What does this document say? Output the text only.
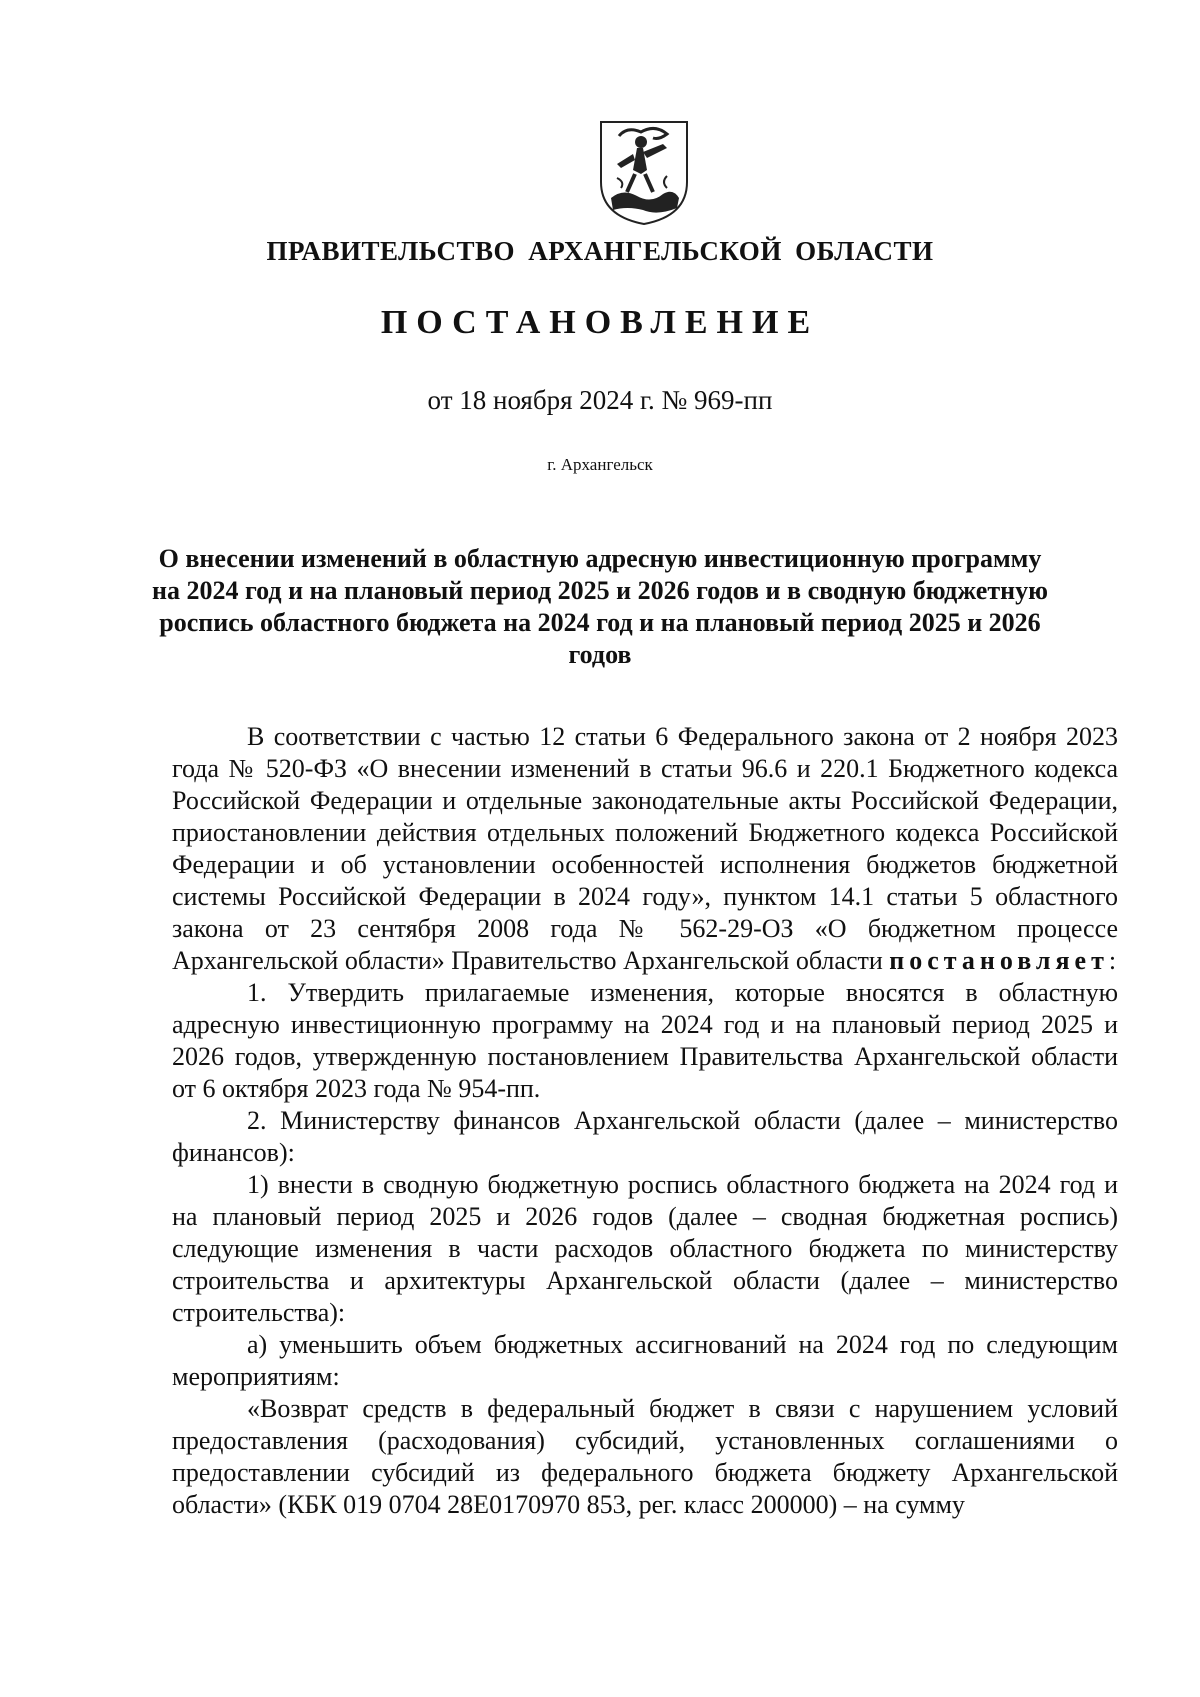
ПРАВИТЕЛЬСТВО АРХАНГЕЛЬСКОЙ ОБЛАСТИ
ПОСТАНОВЛЕНИЕ
от 18 ноября 2024 г. № 969-пп
г. Архангельск
О внесении изменений в областную адресную инвестиционную программу на 2024 год и на плановый период 2025 и 2026 годов и в сводную бюджетную роспись областного бюджета на 2024 год и на плановый период 2025 и 2026 годов

В соответствии с частью 12 статьи 6 Федерального закона от 2 ноября 2023 года № 520-ФЗ «О внесении изменений в статьи 96.6 и 220.1 Бюджетного кодекса Российской Федерации и отдельные законодательные акты Российской Федерации, приостановлении действия отдельных положений Бюджетного кодекса Российской Федерации и об установлении особенностей исполнения бюджетов бюджетной системы Российской Федерации в 2024 году», пунктом 14.1 статьи 5 областного закона от 23 сентября 2008 года № 562-29-ОЗ «О бюджетном процессе Архангельской области» Правительство Архангельской области постановляет:

1. Утвердить прилагаемые изменения, которые вносятся в областную адресную инвестиционную программу на 2024 год и на плановый период 2025 и 2026 годов, утвержденную постановлением Правительства Архангельской области от 6 октября 2023 года № 954-пп.

2. Министерству финансов Архангельской области (далее – министерство финансов):

1) внести в сводную бюджетную роспись областного бюджета на 2024 год и на плановый период 2025 и 2026 годов (далее – сводная бюджетная роспись) следующие изменения в части расходов областного бюджета по министерству строительства и архитектуры Архангельской области (далее – министерство строительства):

а) уменьшить объем бюджетных ассигнований на 2024 год по следующим мероприятиям:

«Возврат средств в федеральный бюджет в связи с нарушением условий предоставления (расходования) субсидий, установленных соглашениями о предоставлении субсидий из федерального бюджета бюджету Архангельской области» (КБК 019 0704 28Е0170970 853, рег. класс 200000) – на сумму
